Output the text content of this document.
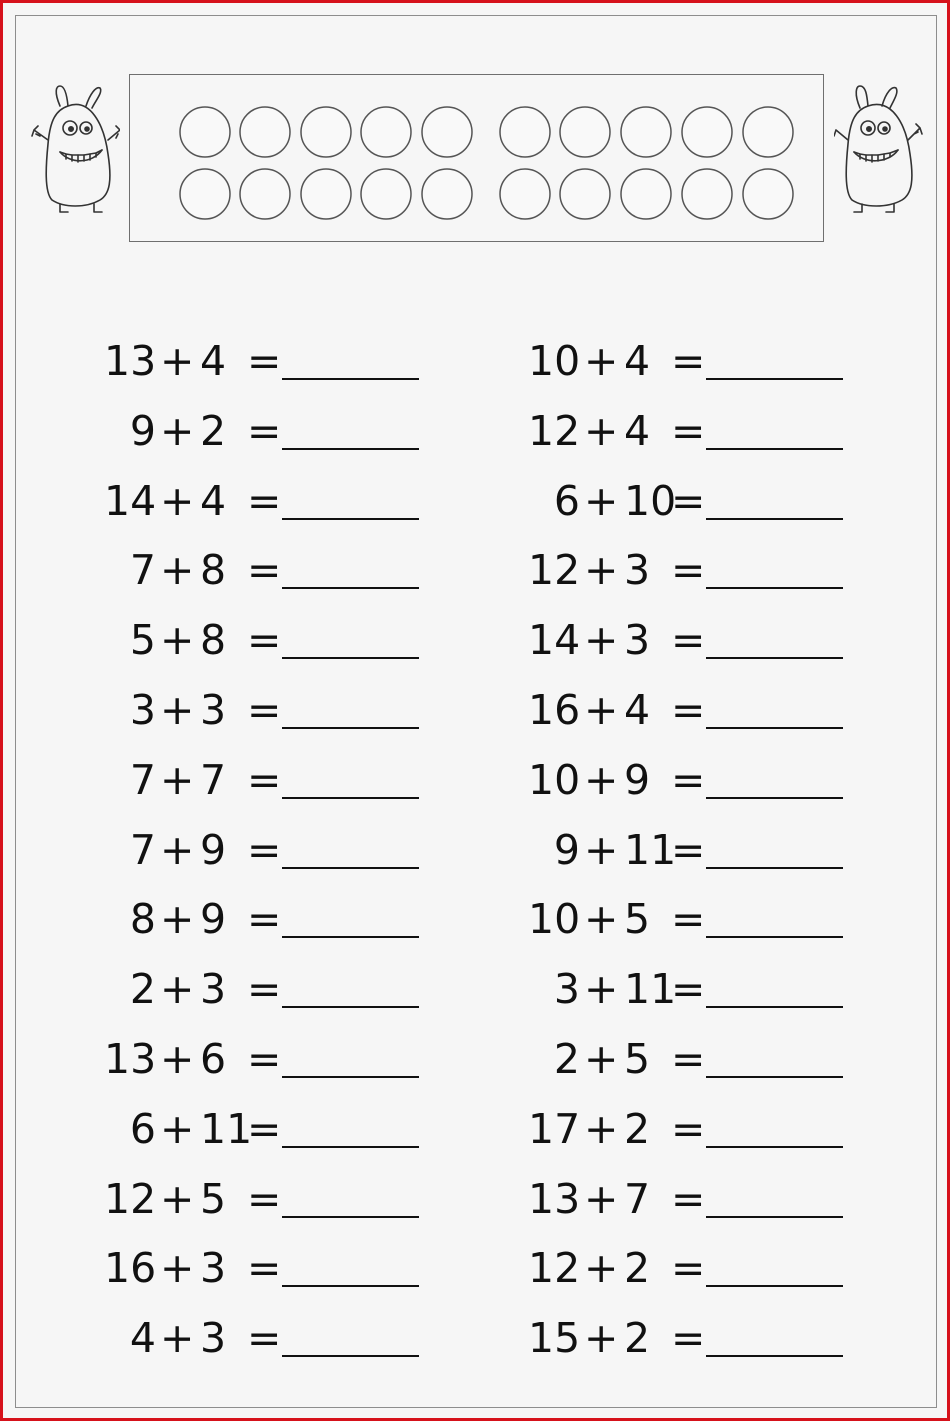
13 + 4 =
9 + 2 =
14 + 4 =
7 + 8 =
5 + 8 =
3 + 3 =
7 + 7 =
7 + 9 =
8 + 9 =
2 + 3 =
13 + 6 =
6 + 11
=
12 + 5 =
16 + 3 =
4 + 3 =
10 + 4 =
12 + 4 =
6 + 10
=
12 + 3 =
14 + 3 =
16 + 4 =
10 + 9 =
9 + 11
=
10 + 5 =
3 + 11
=
2 + 5 =
17 + 2 =
13 + 7 =
12 + 2 =
15 + 2 =
